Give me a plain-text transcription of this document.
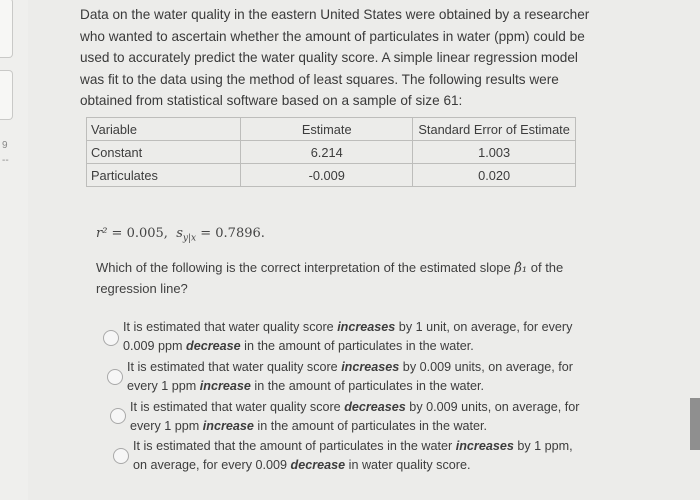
9
--
Data on the water quality in the eastern United States were obtained by a researcher
who wanted to ascertain whether the amount of particulates in water (ppm) could be
used to accurately predict the water quality score. A simple linear regression model
was fit to the data using the method of least squares. The following results were
obtained from statistical software based on a sample of size 61:
Variable	Estimate	Standard Error of Estimate
Constant	6.214	1.003
Particulates	-0.009	0.020
r² = 0.005, $s_{y|x} = 0.7896$.
Which of the following is the correct interpretation of the estimated slope β̂₁ of the
regression line?
It is estimated that water quality score increases by 1 unit, on average, for every
0.009 ppm decrease in the amount of particulates in the water.
It is estimated that water quality score increases by 0.009 units, on average, for
every 1 ppm increase in the amount of particulates in the water.
It is estimated that water quality score decreases by 0.009 units, on average, for
every 1 ppm increase in the amount of particulates in the water.
It is estimated that the amount of particulates in the water increases by 1 ppm,
on average, for every 0.009 decrease in water quality score.
